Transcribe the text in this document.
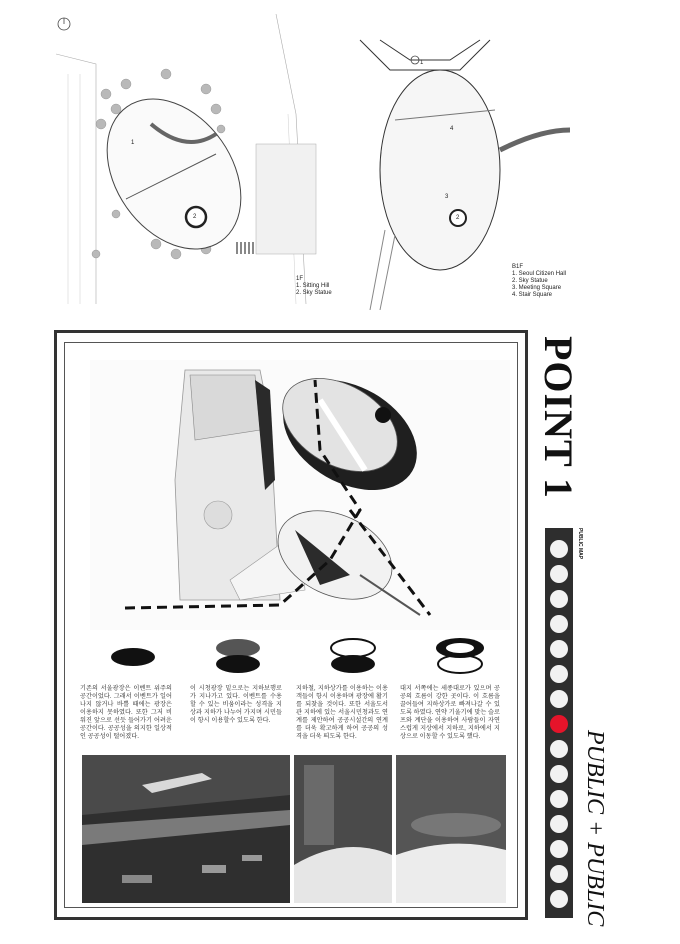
1
2
1F
1. Sitting Hill
2. Sky Statue
1
4
3
2
B1F
1. Seoul Citizen Hall
2. Sky Statue
3. Meeting Square
4. Stair Square
기존의 서울광장은 이벤트 위주의 공간이었다. 그래서 이벤트가 일어나지 않거나 바쁠 때에는 광장은 이용하지 못하였다. 또한 그저 비워진 앞으로 선듯 들어가기 어려운 공간이다. 공공성을 의지한 일상적인 공공성이 떨어졌다.
이 시청광장 밑으로는 지하보행로가 지나가고 있다. 이벤트를 수용할 수 있는 비움이라는 성격을 지상과 지하가 나누어 가지며 시민들이 항시 이용할수 있도록 한다.
지하철, 지하상가를 이용하는 이용객들이 항시 이용하며 광장에 활기를 되찾을 것이다. 또한 서울도서관 지하에 있는 서울시민청과도 연계를 제안하여 공공시설간의 연계를 더욱 확고하게 하여 공공의 성격을 더욱 띄도록 한다.
대지 서쪽에는 세종대로가 있으며 공공의 흐름이 강한 곳이다. 이 흐름을 끌어들여 지하상가로 빠져나갈 수 있도록 하였다. 연약 기울기에 맞는 슬로프와 계단을 이용하여 사람들이 자연스럽게 지상에서 지하로, 지하에서 지상으로 이동할 수 있도록 했다.
POINT 1
PUBLIC MAP
PUBLIC + PUBLIC
